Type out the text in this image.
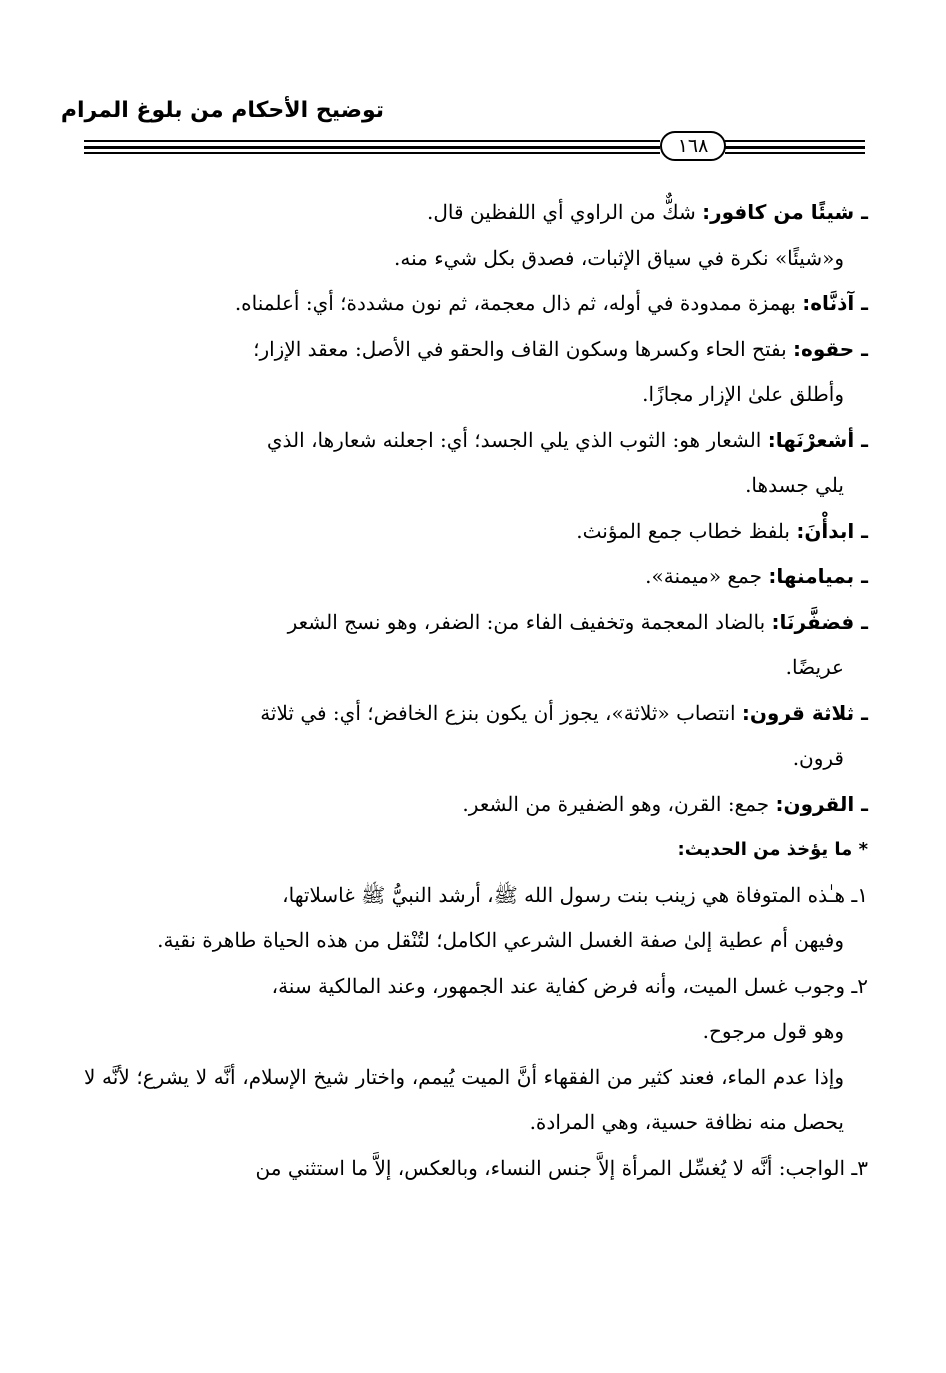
توضيح الأحكام من بلوغ المرام
١٦٨

ـ شيئًا من كافور: شكٌّ من الراوي أي اللفظين قال.

و«شيئًا» نكرة في سياق الإثبات، فصدق بكل شيء منه.

ـ آذنَّاه: بهمزة ممدودة في أوله، ثم ذال معجمة، ثم نون مشددة؛ أي: أعلمناه.

ـ حقوه: بفتح الحاء وكسرها وسكون القاف والحقو في الأصل: معقد الإزار؛
وأطلق علىٰ الإزار مجازًا.

ـ أشعرْنَها: الشعار هو: الثوب الذي يلي الجسد؛ أي: اجعلنه شعارها، الذي
يلي جسدها.

ـ ابدأْنَ: بلفظ خطاب جمع المؤنث.

ـ بميامنها: جمع «ميمنة».

ـ فضفَّرنَا: بالضاد المعجمة وتخفيف الفاء من: الضفر، وهو نسج الشعر
عريضًا.

ـ ثلاثة قرون: انتصاب «ثلاثة»، يجوز أن يكون بنزع الخافض؛ أي: في ثلاثة
قرون.

ـ القرون: جمع: القرن، وهو الضفيرة من الشعر.

* ما يؤخذ من الحديث:

١ـ هـٰذه المتوفاة هي زينب بنت رسول الله ﷺ، أرشد النبيُّ ﷺ غاسلاتها،
وفيهن أم عطية إلىٰ صفة الغسل الشرعي الكامل؛ لتُنْقل من هذه الحياة طاهرة نقية.

٢ـ وجوب غسل الميت، وأنه فرض كفاية عند الجمهور، وعند المالكية سنة،
وهو قول مرجوح.

وإذا عدم الماء، فعند كثير من الفقهاء أنَّ الميت يُيمم، واختار شيخ الإسلام، أنَّه لا يشرع؛ لأنَّه لا يحصل منه نظافة حسية، وهي المرادة.

٣ـ الواجب: أنَّه لا يُغسِّل المرأة إلاَّ جنس النساء، وبالعكس، إلاَّ ما استثني من
